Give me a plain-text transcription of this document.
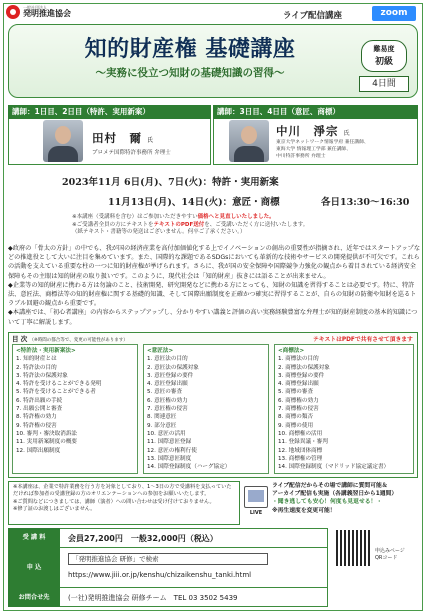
一般社団法人
発明推進協会	ライブ配信講座	zoom
知的財産権 基礎講座
～実務に役立つ知財の基礎知識の習得～
難易度
初級
4日間
講師：1日目、2日目（特許、実用新案）
田村　爾 氏
プロメテ国際特許事務所 弁理士
講師：3日目、4日目（意匠、商標）
中川　淨宗 氏
東京大学ネットワーク情報学府 兼任講師、
東海大学 情報理工学部 兼任講師、
中川特許事務所 弁理士
2023年11月 6日(月)、7日(火)：特許・実用新案
11月13日(月)、14日(火)：意匠・商標	各日13:30～16:30
※本講座（受講料を含む）はご参加いただきやすい価格へと見直しいたしました。
※ご受講者全員の方にテキストをテキストのPDF送付を、ご受講いただく方に送付いたします。
（紙テキスト・書籍等の発送はございません。何卒ご了承ください。）

◆政府の「骨太の方針」の中でも、我が国の経済産業を高付加価値化する上でイノベーションの創出の重要性が指摘され、近年ではスタートアップなどの推進役として大いに注目を集めています。また、国際的な課題であるSDGsにおいても革新的な技術やサービスの開発提供が不可欠です。これらの活動を支えている重要な柱の一つに知的財産権が挙げられます。さらに、我が国の安全保障や国際競争力強化の観点から着目されている経済安全保障もその主眼は知的財産の取り扱いです。このように、現代社会は「知的財産」抜きには語ることが出来ません。

◆企業等の知的財産に携わる方は勿論のこと、技術開発、研究開発などに携わる方にとっても、知財の知識を習得することは必要です。特に、特許法、意匠法、商標法等の知的財産権に関する基礎的知識、そして国際出願制度を正確かつ確実に習得することが、自らの知財の防衛や知財を巡るトラブル回避の観点から重要です。

◆本講座では、「初心者講座」の内容からステップアップし、分かりやすい講義と評価の高い実務経験豊富な弁理士が知的財産制度の基本的知識について丁寧に解説します。

目 次 （※時間の都合等で、変更の可能性があります）	テキストはPDFで共有させて頂きます
<特許法・実用新案法>
1. 知的財産とは
2. 特許法の目的
3. 特許法の保護対象
4. 特許を受けることができる発明
5. 特許を受けることができる者
6. 特許出願の手続
7. 出願公開と審査
8. 特許権の効力
9. 特許権の侵害
10. 審判・審決取消訴訟
11. 実用新案制度の概要
12. 国際出願制度
<意匠法>
1. 意匠法の目的
2. 意匠法の保護対象
3. 意匠登録の要件
4. 意匠登録出願
5. 意匠の審査
6. 意匠権の効力
7. 意匠権の侵害
8. 関連意匠
9. 部分意匠
10. 意匠の活用
11. 国際意匠登録
12. 意匠の権利行使
13. 国際意匠制度
14. 国際登録制度（ハーグ協定）
<商標法>
1. 商標法の目的
2. 商標法の保護対象
3. 商標登録の要件
4. 商標登録出願
5. 商標の審査
6. 商標権の効力
7. 商標権の侵害
8. 商標の類否
9. 商標の使用
10. 商標権の活用
11. 登録異議・審判
12. 地域団体商標
13. 商標権の管理
14. 国際登録制度（マドリッド協定議定書）
※本講座は、企業で特許業務を行う方を対象としており、1～3日の方で受講料を支払っていただければ参加者の受講登録の方のオリエンテーションへの参加をお願いいたします。
※ご質問などにつきましては、講師（演者）への問い合わせは受け付けておりません。
※修了証のお渡しはございません。
LIVE
ライブ配信だからその場で講師に質問可能＆
アーカイブ配信も実施（各講義翌日から1週間）
・聞き逃しても安心！何度も見返せる！・
※再生速度を変更可能！
受 講 料	会員27,200円　一般32,000円（税込）
申 込
「発明推進協会 研修」で検索
https://www.jiii.or.jp/kenshu/chizaikenshu_tanki.html
お問合せ先	(一社)発明推進協会 研修チーム　TEL 03 3502 5439
申込みページ
QRコード
